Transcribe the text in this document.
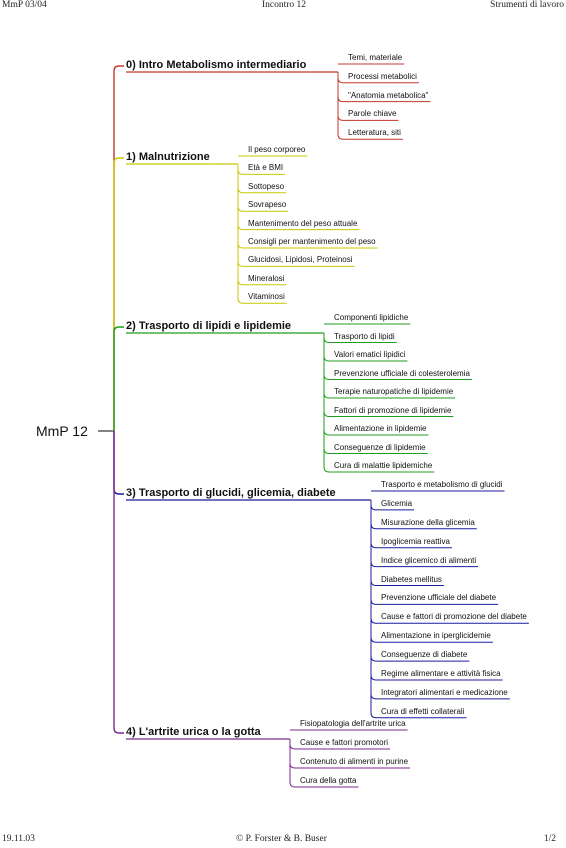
MmP 03/04	Incontro 12	Strumenti di lavoro
MmP 12
0) Intro Metabolismo intermediario
Temi, materiale
Processi metabolici
"Anatomia metabolica"
Parole chiave
Letteratura, siti
1) Malnutrizione
Il peso corporeo
Età e BMI
Sottopeso
Sovrapeso
Mantenimento del peso attuale
Consigli per mantenimento del peso
Glucidosi, Lipidosi, Proteinosi
Mineralosi
Vitaminosi
2) Trasporto di lipidi e lipidemie
Componenti lipidiche
Trasporto di lipidi
Valori ematici lipidici
Prevenzione ufficiale di colesterolemia
Terapie naturopatiche di lipidemie
Fattori di promozione di lipidemie
Alimentazione in lipidemie
Conseguenze di lipidemie
Cura di malattie lipidemiche
3) Trasporto di glucidi, glicemia, diabete
Trasporto e metabolismo di glucidi
Glicemia
Misurazione della glicemia
Ipoglicemia reattiva
Indice glicemico di alimenti
Diabetes mellitus
Prevenzione ufficiale del diabete
Cause e fattori di promozione del diabete
Alimentazione in iperglicidemie
Conseguenze di diabete
Regime alimentare e attività fisica
Integratori alimentari e medicazione
Cura di effetti collaterali
4) L'artrite urica o la gotta
Fisiopatologia dell'artrite urica
Cause e fattori promotori
Contenuto di alimenti in purine
Cura della gotta
19.11.03	© P. Forster & B. Buser	1/2
